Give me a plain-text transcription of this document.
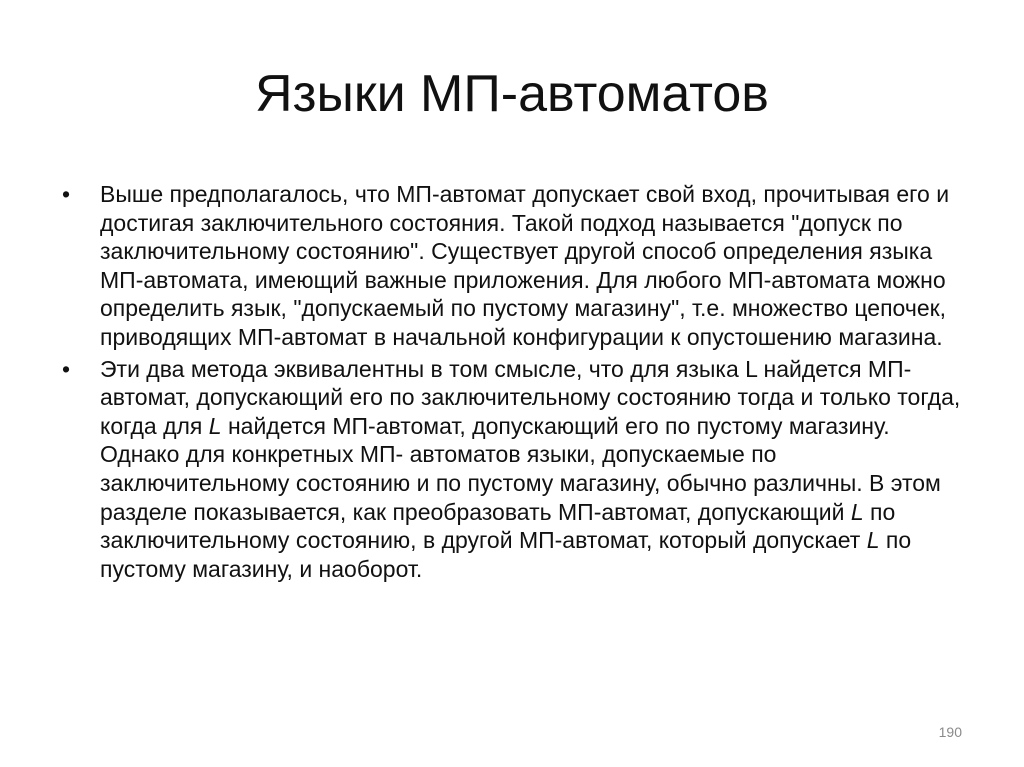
Языки МП-автоматов
•	Выше предполагалось, что МП-автомат допускает свой вход, прочитывая его и достигая заключительного состояния. Такой подход называется "допуск по заключительному состоянию". Существует другой способ определения языка МП-автомата, имеющий важные приложения. Для любого МП-автомата можно определить язык, "допускаемый по пустому магазину", т.е. множество цепочек, приводящих МП-автомат в начальной конфигурации к опустошению магазина.
•	Эти два метода эквивалентны в том смысле, что для языка L найдется МП-автомат, допускающий его по заключительному состоянию тогда и только тогда, когда для L найдется МП-автомат, допускающий его по пустому магазину. Однако для конкретных МП- автоматов языки, допускаемые по заключительному состоянию и по пустому магазину, обычно различны. В этом разделе показывается, как преобразовать МП-автомат, допускающий L по заключительному состоянию, в другой МП-автомат, который допускает L по пустому магазину, и наоборот.
190
